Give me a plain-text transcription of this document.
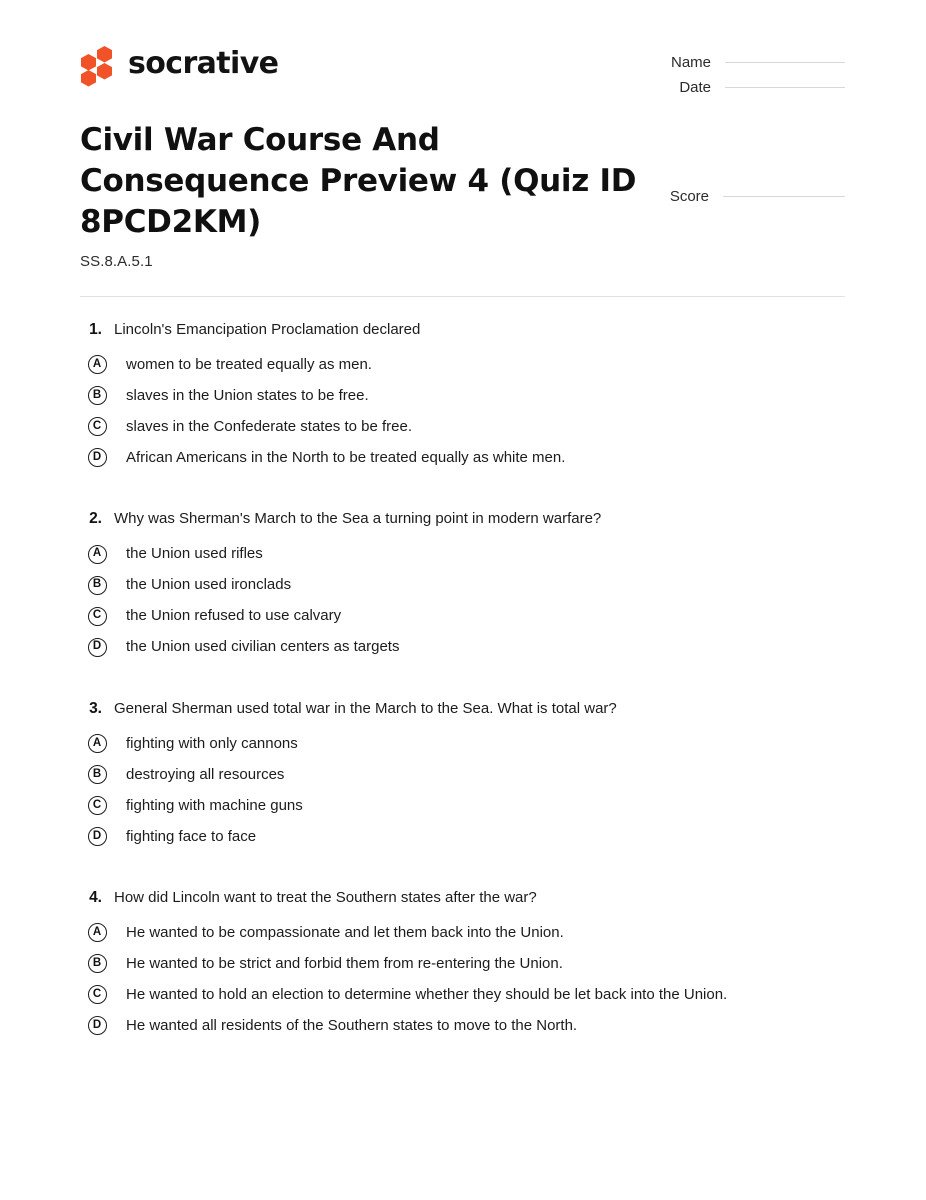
socrative	Name
Date
Score
Civil War Course And Consequence Preview 4 (Quiz ID 8PCD2KM)

SS.8.A.5.1

1. Lincoln's Emancipation Proclamation declared
A	women to be treated equally as men.
B	slaves in the Union states to be free.
C	slaves in the Confederate states to be free.
D	African Americans in the North to be treated equally as white men.
2. Why was Sherman's March to the Sea a turning point in modern warfare?
A	the Union used rifles
B	the Union used ironclads
C	the Union refused to use calvary
D	the Union used civilian centers as targets
3. General Sherman used total war in the March to the Sea. What is total war?
A	fighting with only cannons
B	destroying all resources
C	fighting with machine guns
D	fighting face to face
4. How did Lincoln want to treat the Southern states after the war?
A	He wanted to be compassionate and let them back into the Union.
B	He wanted to be strict and forbid them from re-entering the Union.
C	He wanted to hold an election to determine whether they should be let back into the Union.
D	He wanted all residents of the Southern states to move to the North.
